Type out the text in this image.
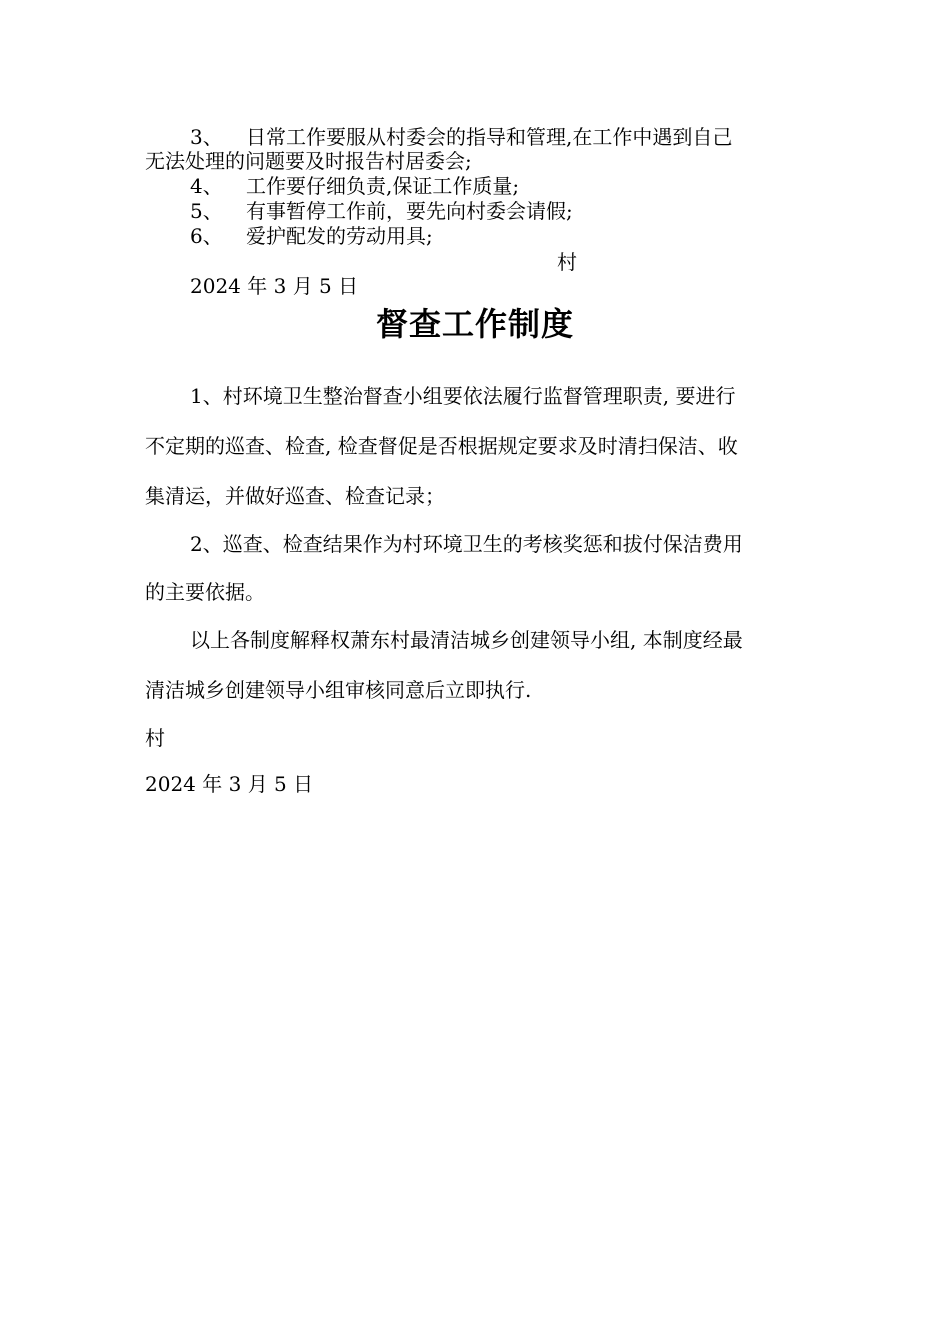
3、	日常工作要服从村委会的指导和管理,在工作中遇到自己
无法处理的问题要及时报告村居委会;
4、	工作要仔细负责,保证工作质量;
5、	有事暂停工作前，要先向村委会请假;
6、	爱护配发的劳动用具;
村
2024 年 3 月 5 日
督查工作制度
1、村环境卫生整治督查小组要依法履行监督管理职责, 要进行
不定期的巡查、检查, 检查督促是否根据规定要求及时清扫保洁、收
集清运，并做好巡查、检查记录；
2、巡查、检查结果作为村环境卫生的考核奖惩和拔付保洁费用
的主要依据。
以上各制度解释权萧东村最清洁城乡创建领导小组, 本制度经最
清洁城乡创建领导小组审核同意后立即执行.
村
2024 年 3 月 5 日
